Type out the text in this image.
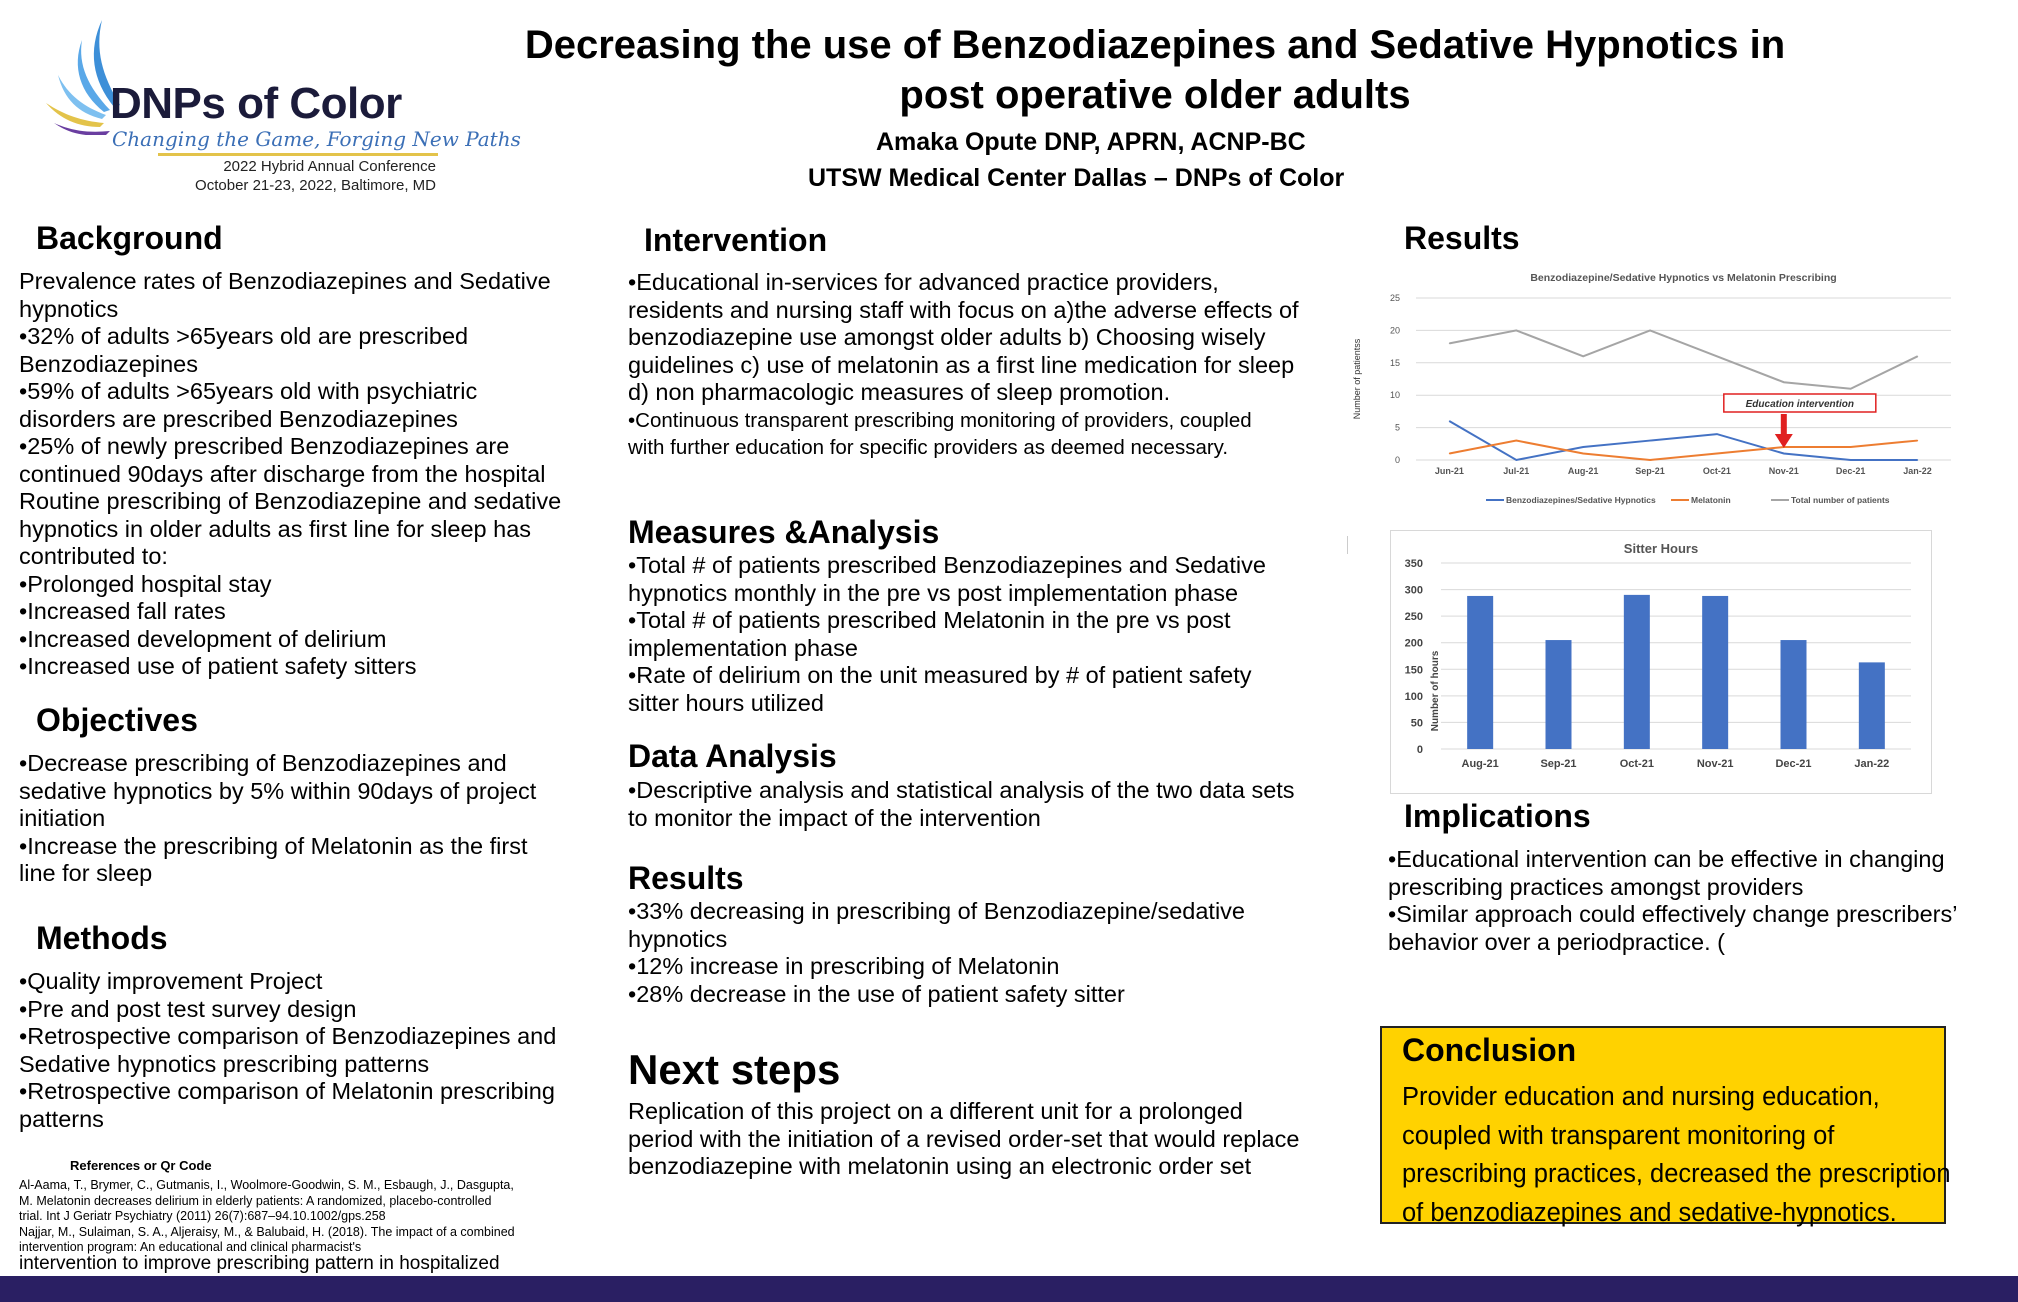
DNPs of Color
Changing the Game, Forging New Paths
2022 Hybrid Annual Conference
October 21-23, 2022, Baltimore, MD
Decreasing the use of Benzodiazepines and Sedative Hypnotics in
post operative older adults
Amaka Opute DNP, APRN, ACNP-BC
UTSW Medical Center Dallas – DNPs of Color
Background
Prevalence rates of Benzodiazepines and Sedative
hypnotics
•32% of adults >65years old are prescribed
Benzodiazepines
•59% of adults >65years old with psychiatric
disorders are prescribed Benzodiazepines
•25% of newly prescribed Benzodiazepines are
continued 90days after discharge from the hospital
Routine prescribing of Benzodiazepine and sedative
hypnotics in older adults as first line for sleep has
contributed to:
•Prolonged hospital stay
•Increased fall rates
•Increased development of delirium
•Increased use of patient safety sitters
Objectives
•Decrease prescribing of Benzodiazepines and
sedative hypnotics by 5% within 90days of project
initiation
•Increase the prescribing of Melatonin as the first
line for sleep
Methods
•Quality improvement Project
•Pre and post test survey design
•Retrospective comparison of Benzodiazepines and
Sedative hypnotics prescribing patterns
•Retrospective comparison of Melatonin prescribing
patterns
References or Qr Code
Al-Aama, T., Brymer, C., Gutmanis, I., Woolmore-Goodwin, S. M., Esbaugh, J., Dasgupta,
M. Melatonin decreases delirium in elderly patients: A randomized, placebo-controlled
trial. Int J Geriatr Psychiatry (2011) 26(7):687–94.10.1002/gps.258
Najjar, M., Sulaiman, S. A., Aljeraisy, M., & Balubaid, H. (2018). The impact of a combined
intervention program: An educational and clinical pharmacist's
intervention to improve prescribing pattern in hospitalized
Intervention
•Educational in-services for advanced practice providers,
residents and nursing staff with focus on a)the adverse effects of
benzodiazepine use amongst older adults b) Choosing wisely
guidelines c) use of melatonin as a first line medication for sleep
d) non pharmacologic measures of sleep promotion.
•Continuous transparent prescribing monitoring of providers, coupled
with further education for specific providers as deemed necessary.
Measures &Analysis
•Total # of patients prescribed Benzodiazepines and Sedative
hypnotics monthly in the pre vs post implementation phase
•Total # of patients prescribed Melatonin in the pre vs post
implementation phase
•Rate of delirium on the unit measured by # of patient safety
sitter hours utilized
Data Analysis
•Descriptive analysis and statistical analysis of the two data sets
to monitor the impact of the intervention
Results
•33% decreasing in prescribing of Benzodiazepine/sedative
hypnotics
•12% increase in prescribing of Melatonin
•28% decrease in the use of patient safety sitter
Next steps
Replication of this project on a different unit for a prolonged
period with the initiation of a revised order-set that would replace
benzodiazepine with melatonin using an electronic order set
Results
Benzodiazepine/Sedative Hypnotics vs Melatonin Prescribing
0
5
10
15
20
25
Number of patientss
Jun-21	Jul-21	Aug-21	Sep-21	Oct-21	Nov-21	Dec-21	Jan-22
Benzodiazepines/Sedative Hypnotics	Melatonin	Total number of patients
Education intervention
Sitter Hours
0
50
100
150
200
250
300
350
Number of hours
Aug-21	Sep-21	Oct-21	Nov-21	Dec-21	Jan-22
Implications
•Educational intervention can be effective in changing
prescribing practices amongst providers
•Similar approach could effectively change prescribers’
behavior over a periodpractice. (
Conclusion
Provider education and nursing education,
coupled with transparent monitoring of
prescribing practices, decreased the prescription
of benzodiazepines and sedative-hypnotics.
